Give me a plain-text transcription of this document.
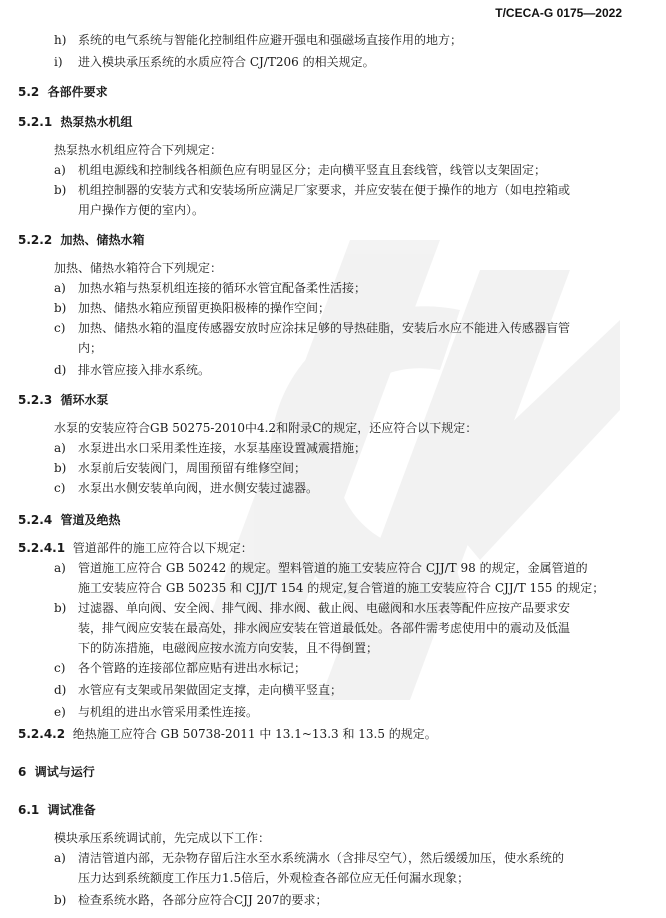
T/CECA-G 0175—2022
h) 系统的电气系统与智能化控制组件应避开强电和强磁场直接作用的地方；
i)	进入模块承压系统的水质应符合 CJ/T206 的相关规定。
5.2 各部件要求
5.2.1 热泵热水机组
热泵热水机组应符合下列规定：
a)	机组电源线和控制线各相颜色应有明显区分；走向横平竖直且套线管，线管以支架固定；
b) 机组控制器的安装方式和安装场所应满足厂家要求，并应安装在便于操作的地方（如电控箱或
用户操作方便的室内）。
5.2.2 加热、储热水箱
加热、储热水箱符合下列规定：
a)	加热水箱与热泵机组连接的循环水管宜配备柔性活接；
b) 加热、储热水箱应预留更换阳极棒的操作空间；
c)	加热、储热水箱的温度传感器安放时应涂抹足够的导热硅脂，安装后水应不能进入传感器盲管
内；
d) 排水管应接入排水系统。
5.2.3 循环水泵
水泵的安装应符合GB 50275-2010中4.2和附录C的规定，还应符合以下规定：
a)	水泵进出水口采用柔性连接，水泵基座设置减震措施；
b) 水泵前后安装阀门，周围预留有维修空间；
c)	水泵出水侧安装单向阀，进水侧安装过滤器。
5.2.4 管道及绝热
5.2.4.1 管道部件的施工应符合以下规定：
a)	管道施工应符合 GB 50242 的规定。塑料管道的施工安装应符合 CJJ/T 98 的规定，金属管道的
施工安装应符合 GB 50235 和 CJJ/T 154 的规定,复合管道的施工安装应符合 CJJ/T 155 的规定；
b) 过滤器、单向阀、安全阀、排气阀、排水阀、截止阀、电磁阀和水压表等配件应按产品要求安
装，排气阀应安装在最高处，排水阀应安装在管道最低处。各部件需考虑使用中的震动及低温
下的防冻措施，电磁阀应按水流方向安装，且不得倒置；
c)	各个管路的连接部位都应贴有进出水标记；
d) 水管应有支架或吊架做固定支撑，走向横平竖直；
e)	与机组的进出水管采用柔性连接。
5.2.4.2 绝热施工应符合 GB 50738-2011 中 13.1~13.3 和 13.5 的规定。
6 调试与运行
6.1 调试准备
模块承压系统调试前，先完成以下工作：
a)	清洁管道内部，无杂物存留后注水至水系统满水（含排尽空气），然后缓缓加压，使水系统的
压力达到系统额度工作压力1.5倍后，外观检查各部位应无任何漏水现象；
b) 检查系统水路，各部分应符合CJJ 207的要求；
